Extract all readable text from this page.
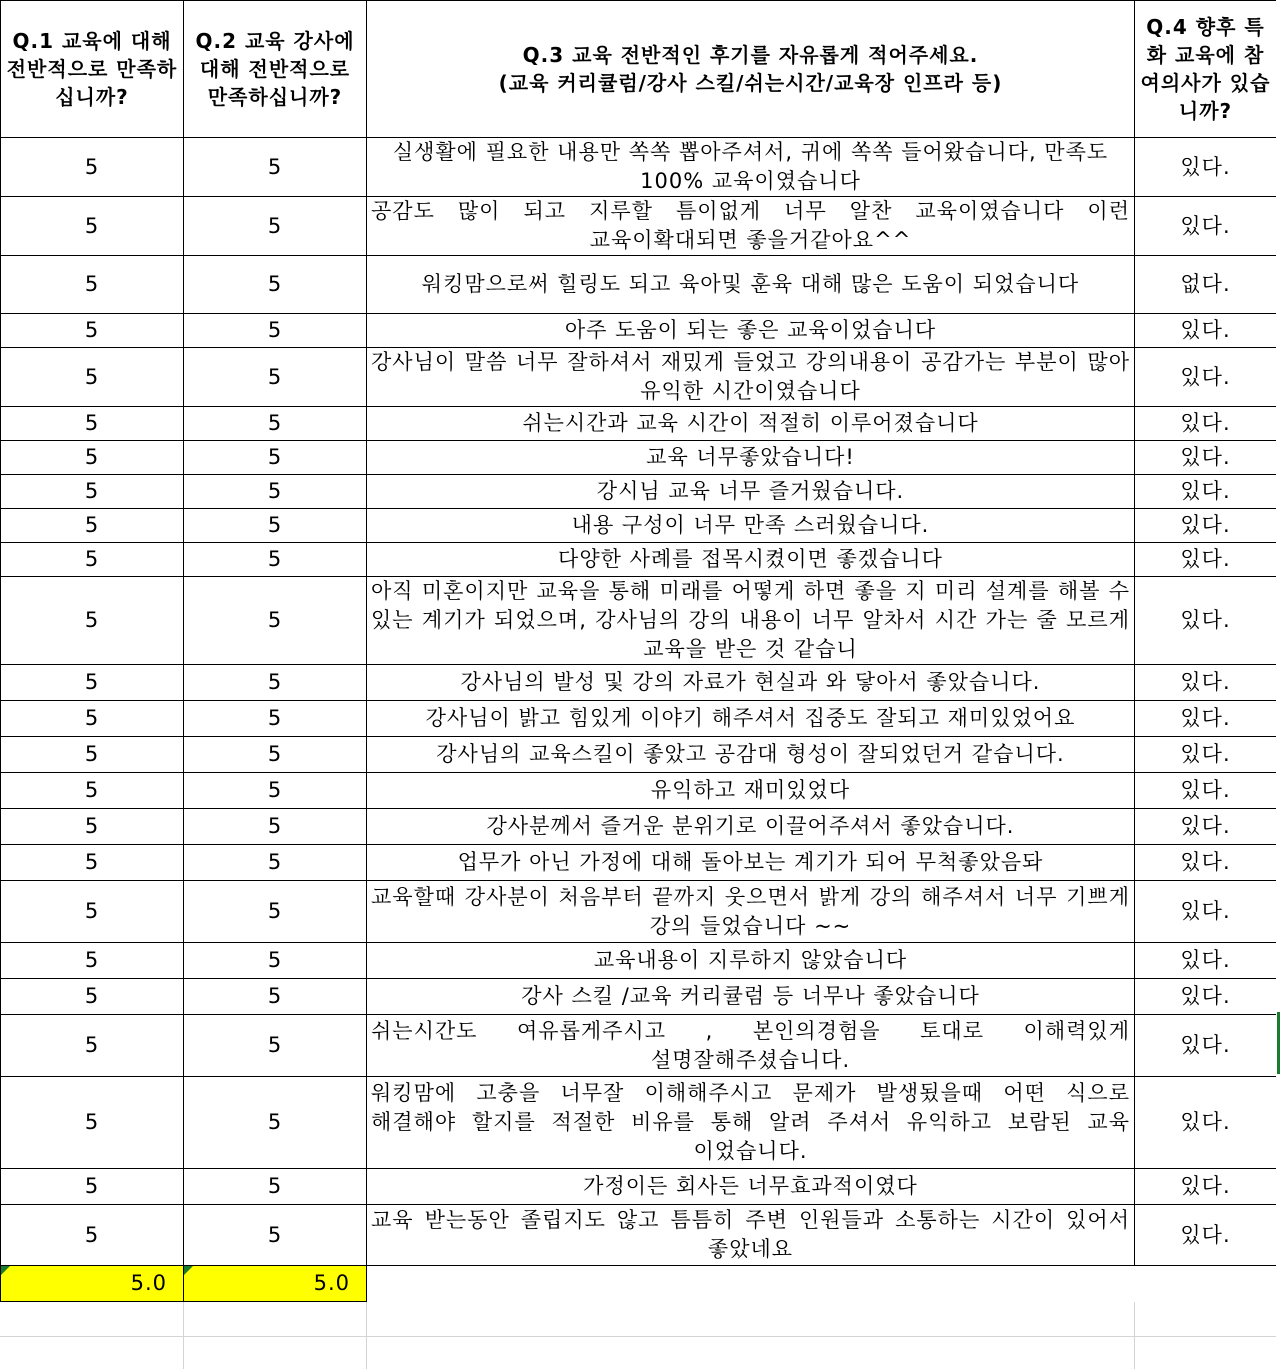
Q.1 교육에 대해 전반적으로 만족하십니까?	Q.2 교육 강사에 대해 전반적으로 만족하십니까?	Q.3 교육 전반적인 후기를 자유롭게 적어주세요.
(교육 커리큘럼/강사 스킬/쉬는시간/교육장 인프라 등)	Q.4 향후 특화 교육에 참여의사가 있습니까?
5	5	실생활에 필요한 내용만 쏙쏙 뽑아주셔서, 귀에 쏙쏙 들어왔습니다, 만족도 100% 교육이였습니다	있다.
5	5	공감도 많이 되고 지루할 틈이없게 너무 알찬 교육이였습니다 이런 교육이확대되면 좋을거같아요^^	있다.
5	5	워킹맘으로써 힐링도 되고 육아및 훈육 대해 많은 도움이 되었습니다	없다.
5	5	아주 도움이 되는 좋은 교육이었습니다	있다.
5	5	강사님이 말씀 너무 잘하셔서 재밌게 들었고 강의내용이 공감가는 부분이 많아 유익한 시간이였습니다	있다.
5	5	쉬는시간과 교육 시간이 적절히 이루어졌습니다	있다.
5	5	교육 너무좋았습니다!	있다.
5	5	강시님 교육 너무 즐거웠습니다.	있다.
5	5	내용 구성이 너무 만족 스러웠습니다.	있다.
5	5	다양한 사례를 접목시켰이면 좋겠습니다	있다.
5	5	아직 미혼이지만 교육을 통해 미래를 어떻게 하면 좋을 지 미리 설계를 해볼 수 있는 계기가 되었으며, 강사님의 강의 내용이 너무 알차서 시간 가는 줄 모르게 교육을 받은 것 같습니	있다.
5	5	강사님의 발성 및 강의 자료가 현실과 와 닿아서 좋았습니다.	있다.
5	5	강사님이 밝고 힘있게 이야기 해주셔서 집중도 잘되고 재미있었어요	있다.
5	5	강사님의 교육스킬이 좋았고 공감대 형성이 잘되었던거 같습니다.	있다.
5	5	유익하고 재미있었다	있다.
5	5	강사분께서 즐거운 분위기로 이끌어주셔서 좋았습니다.	있다.
5	5	업무가 아닌 가정에 대해 돌아보는 계기가 되어 무척좋았음돠	있다.
5	5	교육할때 강사분이 처음부터 끝까지 웃으면서 밝게 강의 해주셔서 너무 기쁘게 강의 들었습니다 ~~	있다.
5	5	교육내용이 지루하지 않았습니다	있다.
5	5	강사 스킬 /교육 커리큘럼 등 너무나 좋았습니다	있다.
5	5	쉬는시간도 여유롭게주시고 , 본인의경험을 토대로 이해력있게 설명잘해주셨습니다.	있다.
5	5	워킹맘에 고충을 너무잘 이해해주시고 문제가 발생됬을때 어떤 식으로 해결해야 할지를 적절한 비유를 통해 알려 주셔서 유익하고 보람된 교육 이었습니다.	있다.
5	5	가정이든 회사든 너무효과적이였다	있다.
5	5	교육 받는동안 졸립지도 않고 틈틈히 주변 인원들과 소통하는 시간이 있어서 좋았네요	있다.

5.0	5.0		
